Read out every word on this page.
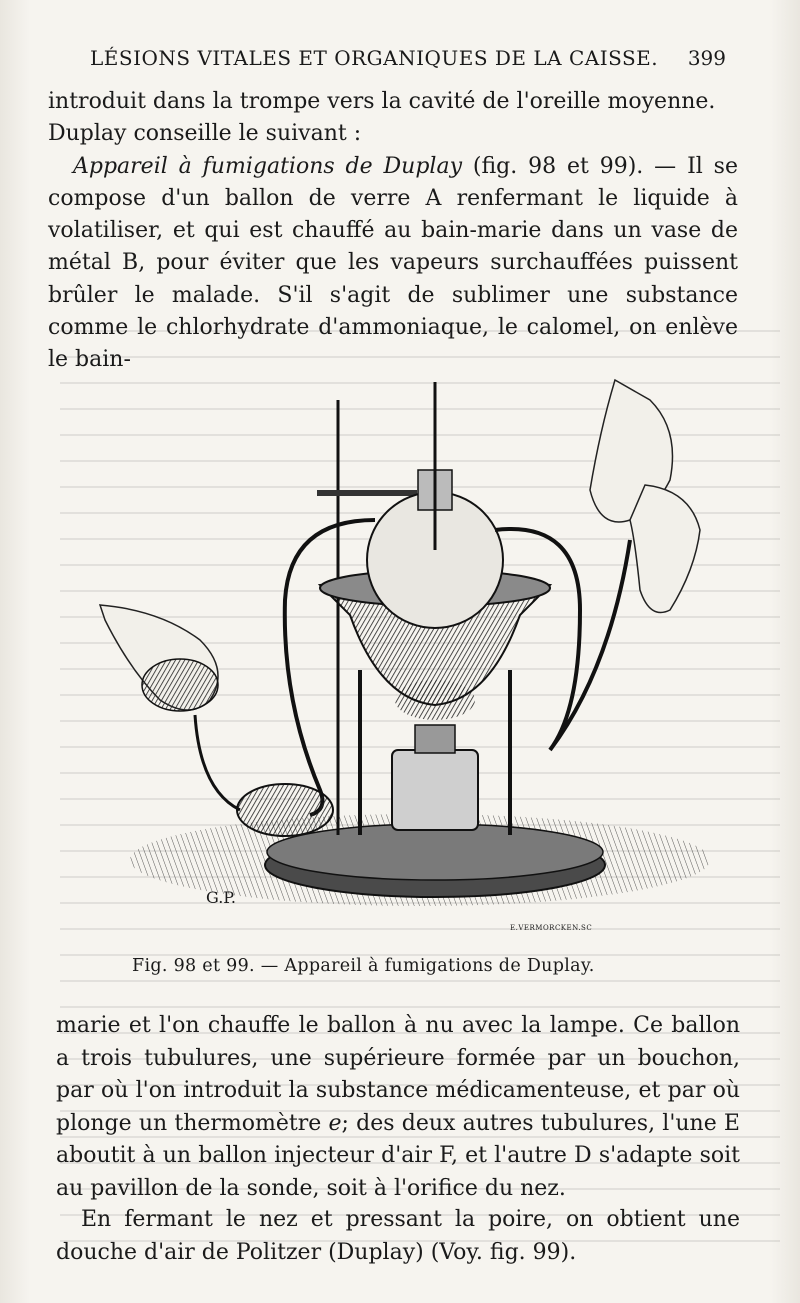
LÉSIONS VITALES ET ORGANIQUES DE LA CAISSE. 399

introduit dans la trompe vers la cavité de l'oreille moyenne.
Duplay conseille le suivant :

Appareil à fumigations de Duplay (fig. 98 et 99). — Il se compose d'un ballon de verre A renfermant le liquide à volatiliser, et qui est chauffé au bain-marie dans un vase de métal B, pour éviter que les vapeurs surchauffées puissent brûler le malade. S'il s'agit de sublimer une substance comme le chlorhydrate d'ammoniaque, le calomel, on enlève le bain-

G.P.
E.VERMORCKEN.SC
Fig. 98 et 99. — Appareil à fumigations de Duplay.

marie et l'on chauffe le ballon à nu avec la lampe. Ce ballon a trois tubulures, une supérieure formée par un bouchon, par où l'on introduit la substance médicamenteuse, et par où plonge un thermomètre e; des deux autres tubulures, l'une E aboutit à un ballon injecteur d'air F, et l'autre D s'adapte soit au pavillon de la sonde, soit à l'orifice du nez.

En fermant le nez et pressant la poire, on obtient une douche d'air de Politzer (Duplay) (Voy. fig. 99).
